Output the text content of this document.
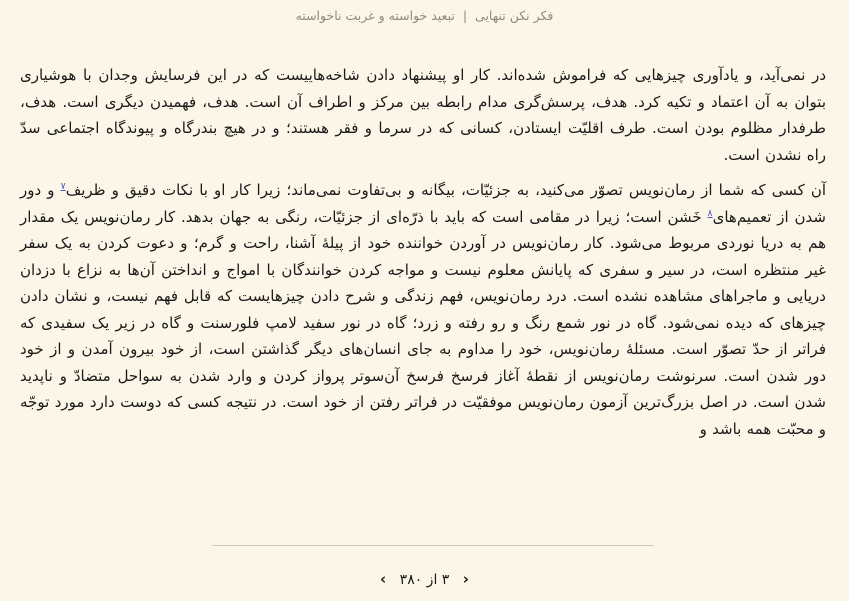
فکر نکن تنهایی | تبعید خواسته و غربت ناخواسته

در نمی‌آید، و یادآوری چیزهایی که فراموش شده‌اند. کار او پیشنهاد دادن شاخه‌هاییست که در این فرسایش وجدان با هوشیاری بتوان به آن اعتماد و تکیه کرد. هدف، پرسش‌گری مدام رابطه بین مرکز و اطراف آن است. هدف، فهمیدن دیگری است. هدف، طرفدار مظلوم بودن است. طرف اقلیّت ایستادن، کسانی که در سرما و فقر هستند؛ و در هیچ بندرگاه و پیوندگاه اجتماعی سدّ راه نشدن است.

آن کسی که شما از رمان‌نویس تصوّر می‌کنید، به جزئیّات، بیگانه و بی‌تفاوت نمی‌ماند؛ زیرا کار او با نکات دقیق و ظریف$^۷$ و دور شدن از تعمیم‌های$^۸$ خَشن است؛ زیرا در مقامی است که باید با ذرّه‌ای از جزئیّات، رنگی به جهان بدهد. کار رمان‌نویس یک مقدار هم به دریا نوردی مربوط می‌شود. کار رمان‌نویس در آوردن خواننده خود از پیلهٔ آشنا، راحت و گرم؛ و دعوت کردن به یک سفر غیر منتظره است، در سیر و سفری که پایانش معلوم نیست و مواجه کردن خوانندگان با امواج و انداختن آن‌ها به نزاع با دزدان دریایی و ماجراهای مشاهده نشده است. درد رمان‌نویس، فهم زندگی و شرح دادن چیزهایست که قابل فهم نیست، و نشان دادن چیزهای که دیده نمی‌شود. گاه در نور شمع رنگ و رو رفته و زرد؛ گاه در نور سفید لامپ فلورسنت و گاه در زیر یک سفیدی که فراتر از حدّ تصوّر است. مسئلهٔ رمان‌نویس، خود را مداوم به جای انسان‌های دیگر گذاشتن است، از خود بیرون آمدن و از خود دور شدن است. سرنوشت رمان‌نویس از نقطهٔ آغاز فرسخ فرسخ آن‌سوتر پرواز کردن و وارد شدن به سواحل متضادّ و ناپدید شدن است. در اصل بزرگ‌ترین آزمون رمان‌نویس موفقیّت در فراتر رفتن از خود است. در نتیجه کسی که دوست دارد مورد توجّه و محبّت همه باشد و

‹ ۳ از ۳۸۰ ›
